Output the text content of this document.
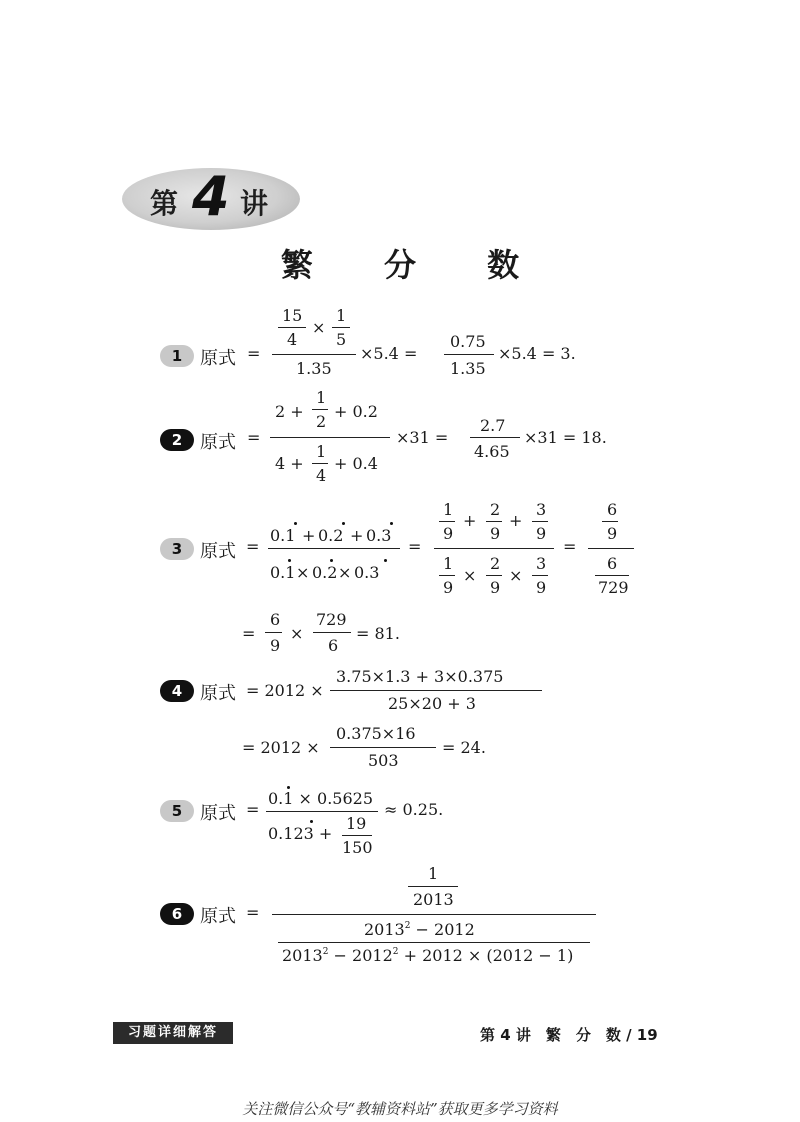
第 4 讲
繁 分 数
1 原式 =
15
4
×
1
5
1.35
×5.4 =
0.75
1.35
×5.4 = 3.
2 原式 =
2 +
1
2
+ 0.2
4 +
1
4
+ 0.4
×31 =
2.7
4.65
×31 = 18.
3 原式 =
0.1 + 0.2 + 0.3
0.1 × 0.2 × 0.3
=
1
9
+
2
9
+
3
9
1
9
×
2
9
×
3
9
=
6
9
6
729
=
6
9
×
729
6
= 81.
4 原式 = 2012 ×
3.75×1.3 + 3×0.375
25×20 + 3
= 2012 ×
0.375×16
503
= 24.
5 原式 =
0.1 × 0.5625
0.123 +
19
150
≈ 0.25.
6 原式 =
1
2013
$2013^2 - 2012$
$2013^2 - 2012^2 + 2012 \times (2012 - 1)$
习题详细解答	第 4 讲　繁　分　数 / 19
关注微信公众号“教辅资料站”获取更多学习资料
